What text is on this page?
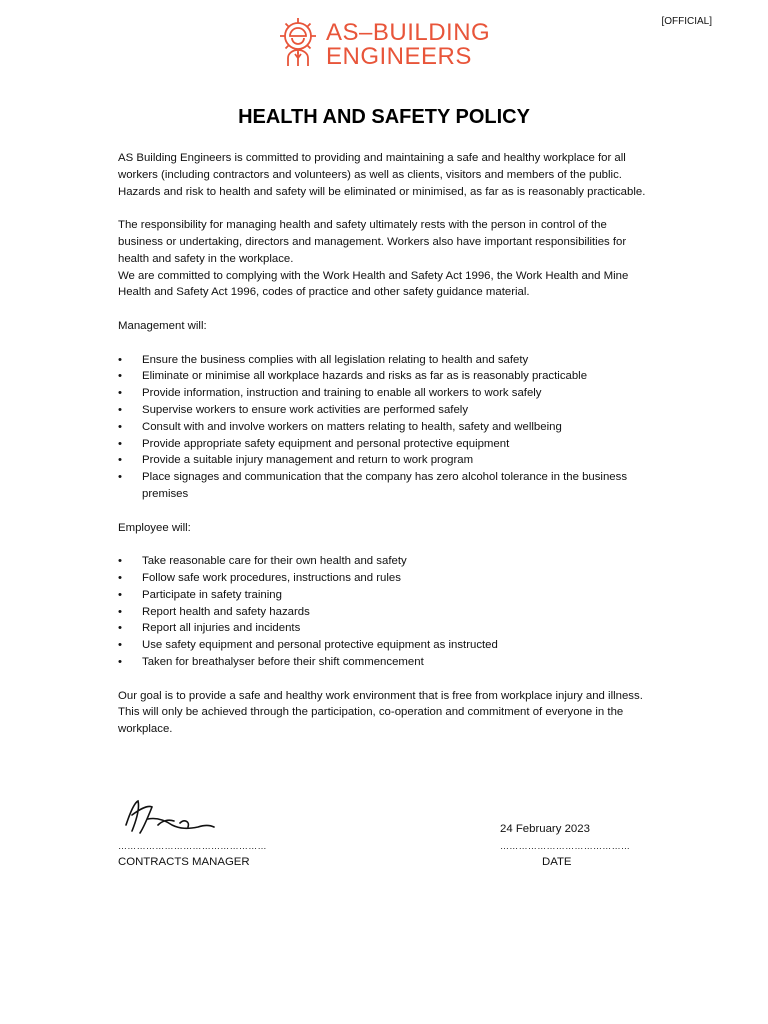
[OFFICIAL]
AS–BUILDING
ENGINEERS
HEALTH AND SAFETY POLICY

AS Building Engineers is committed to providing and maintaining a safe and healthy workplace for all workers (including contractors and volunteers) as well as clients, visitors and members of the public. Hazards and risk to health and safety will be eliminated or minimised, as far as is reasonably practicable.

The responsibility for managing health and safety ultimately rests with the person in control of the business or undertaking, directors and management. Workers also have important responsibilities for health and safety in the workplace.

We are committed to complying with the Work Health and Safety Act 1996, the Work Health and Mine Health and Safety Act 1996, codes of practice and other safety guidance material.

Management will:

•	Ensure the business complies with all legislation relating to health and safety
•	Eliminate or minimise all workplace hazards and risks as far as is reasonably practicable
•	Provide information, instruction and training to enable all workers to work safely
•	Supervise workers to ensure work activities are performed safely
•	Consult with and involve workers on matters relating to health, safety and wellbeing
•	Provide appropriate safety equipment and personal protective equipment
•	Provide a suitable injury management and return to work program
•	Place signages and communication that the company has zero alcohol tolerance in the business premises

Employee will:

•	Take reasonable care for their own health and safety
•	Follow safe work procedures, instructions and rules
•	Participate in safety training
•	Report health and safety hazards
•	Report all injuries and incidents
•	Use safety equipment and personal protective equipment as instructed
•	Taken for breathalyser before their shift commencement

Our goal is to provide a safe and healthy work environment that is free from workplace injury and illness. This will only be achieved through the participation, co-operation and commitment of everyone in the workplace.

24 February 2023
…………………………………………	……………………………………
CONTRACTS MANAGER	DATE
